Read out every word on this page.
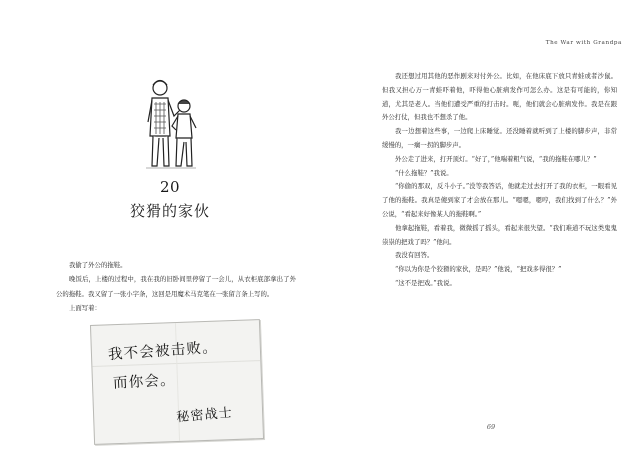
20
狡猾的家伙

我偷了外公的拖鞋。

晚饭后，上楼的过程中，我在我的旧卧间里停留了一会儿，从衣柜底部拿出了外公的拖鞋。我又留了一张小字条，这回是用魔术马克笔在一张留言条上写的。

上面写着：

我不会被击败。
而你会。
秘密战士
The War with Grandpa

我还想过用其他的恶作剧来对付外公。比如，在他床底下放只青蛙或者沙鼠。但我又担心万一青蛙吓着他，吓得他心脏病发作可怎么办。这是有可能的，你知道，尤其是老人。当他们遭受严重的打击时。呃，他们就会心脏病发作。我是在跟外公打仗，但我也不想杀了他。

我一边想着这些事，一边爬上床睡觉。还没睡着就听到了上楼的脚步声，非常缓慢的，一瘸一拐的脚步声。

外公走了进来，打开顶灯。“好了，”他喘着粗气说，“我的拖鞋在哪儿？”

“什么拖鞋？”我说。

“你偷的那双，反斗小子。”没等我答话，他就走过去打开了我的衣柜，一眼看见了他的拖鞋。我真是傻到家了才会放在那儿。“嗯嗯，嗯哼，我们找到了什么？”外公说，“看起来好像某人的拖鞋啊。”

他拿起拖鞋，看着我，微微摇了摇头，看起来很失望。“我们难道不玩这类鬼鬼祟祟的把戏了吗？”他问。

我没有回答。

“你以为你是个狡猾的家伙，是吗？”他说，“把戏多得很？”

“这不是把戏。”我说。

69
